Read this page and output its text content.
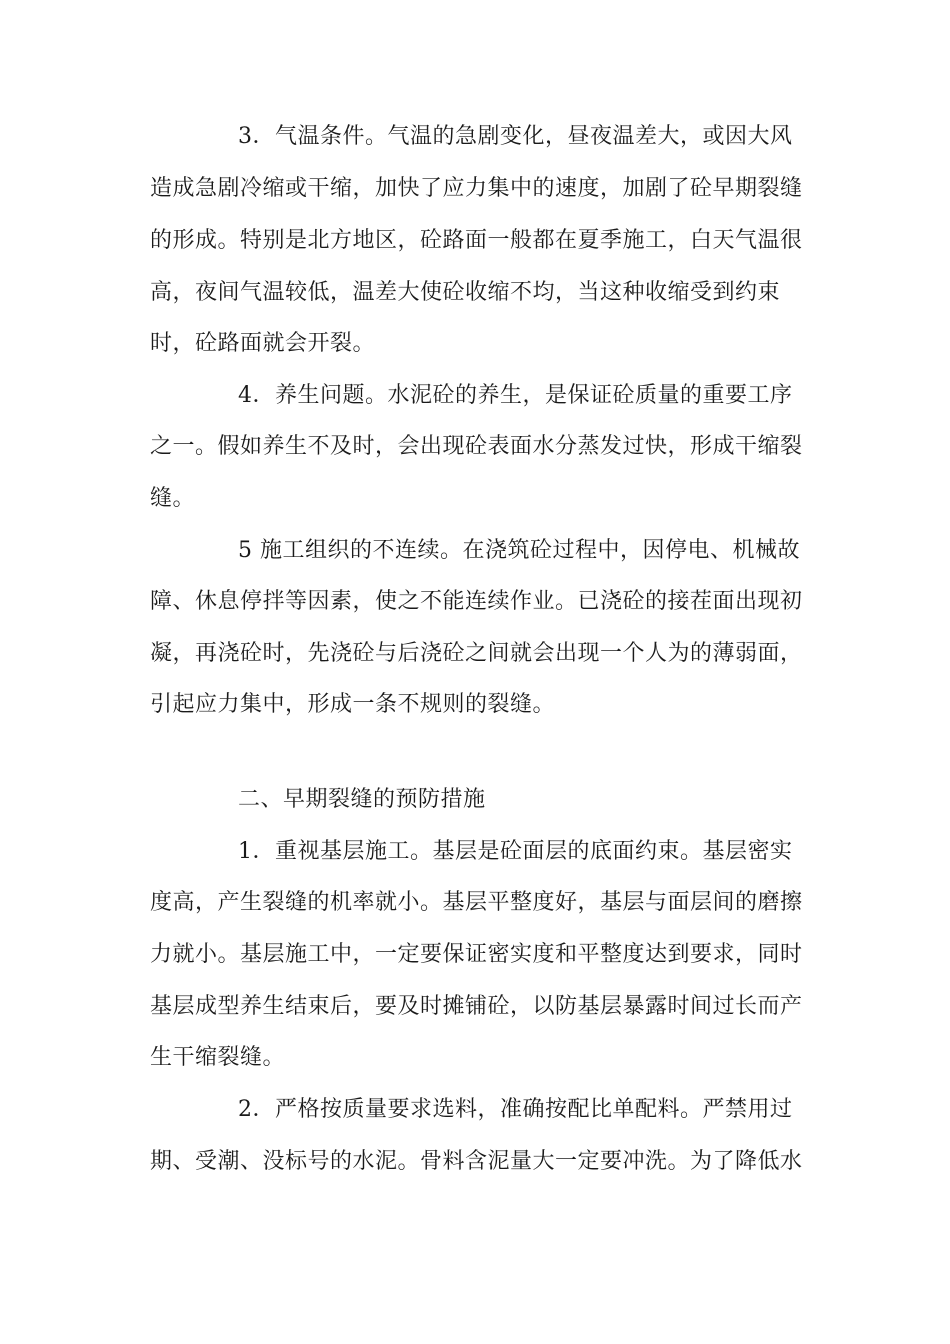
3．气温条件。气温的急剧变化，昼夜温差大，或因大风
造成急剧冷缩或干缩，加快了应力集中的速度，加剧了砼早期裂缝
的形成。特别是北方地区，砼路面一般都在夏季施工，白天气温很
高，夜间气温较低，温差大使砼收缩不均，当这种收缩受到约束
时，砼路面就会开裂。
4．养生问题。水泥砼的养生，是保证砼质量的重要工序
之一。假如养生不及时，会出现砼表面水分蒸发过快，形成干缩裂
缝。
5 施工组织的不连续。在浇筑砼过程中，因停电、机械故
障、休息停拌等因素，使之不能连续作业。已浇砼的接茬面出现初
凝，再浇砼时，先浇砼与后浇砼之间就会出现一个人为的薄弱面，
引起应力集中，形成一条不规则的裂缝。
二、早期裂缝的预防措施
1．重视基层施工。基层是砼面层的底面约束。基层密实
度高，产生裂缝的机率就小。基层平整度好，基层与面层间的磨擦
力就小。基层施工中，一定要保证密实度和平整度达到要求，同时
基层成型养生结束后，要及时摊铺砼，以防基层暴露时间过长而产
生干缩裂缝。
2．严格按质量要求选料，准确按配比单配料。严禁用过
期、受潮、没标号的水泥。骨料含泥量大一定要冲洗。为了降低水
